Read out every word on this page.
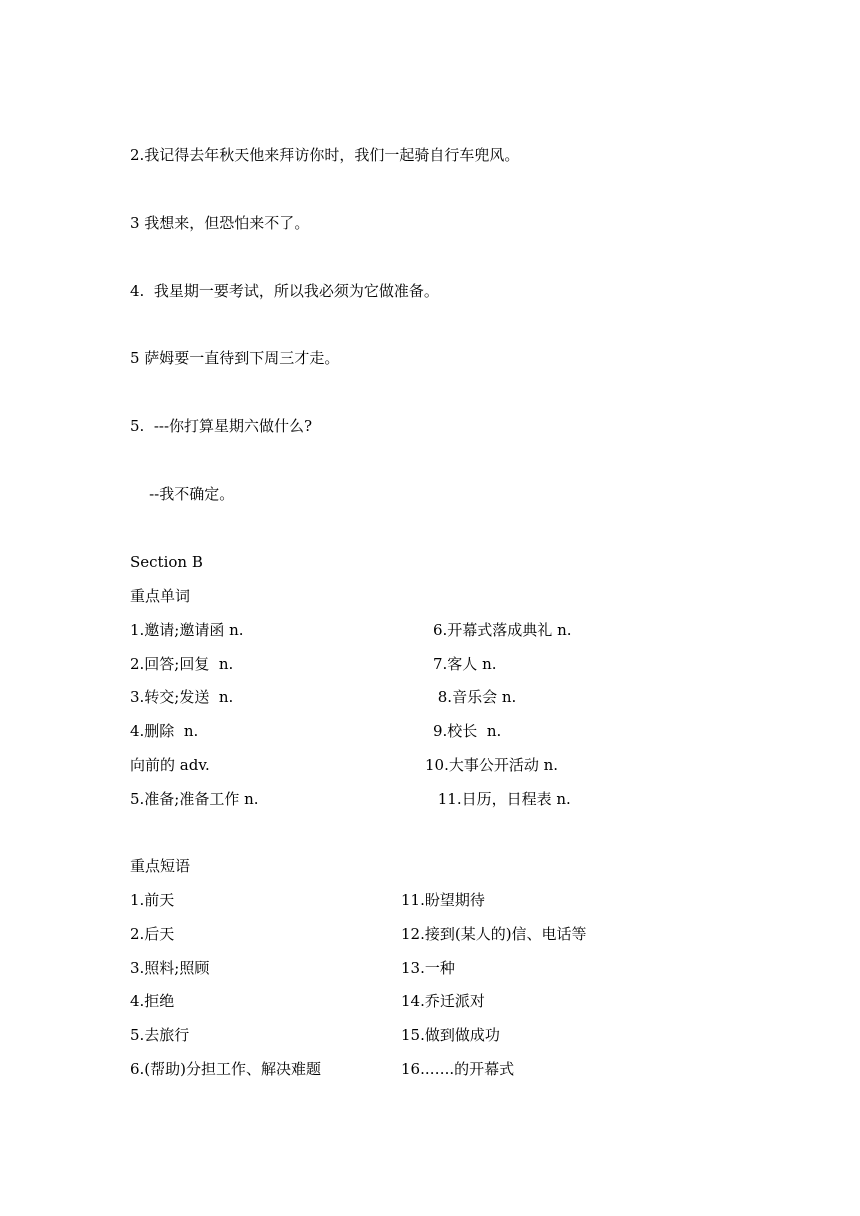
2.我记得去年秋天他来拜访你时，我们一起骑自行车兜风。
3 我想来，但恐怕来不了。
4.  我星期一要考试，所以我必须为它做准备。
5 萨姆要一直待到下周三才走。
5.  ---你打算星期六做什么?
--我不确定。
Section B
重点单词
1.邀请;邀请函 n.
2.回答;回复  n.
3.转交;发送  n.
4.删除  n.
向前的 adv.
5.准备;准备工作 n.
6.开幕式落成典礼 n.
7.客人 n.
8.音乐会 n.
9.校长  n.
10.大事公开活动 n.
11.日历，日程表 n.
重点短语
1.前天
2.后天
3.照料;照顾
4.拒绝
5.去旅行
6.(帮助)分担工作、解决难题
11.盼望期待
12.接到(某人的)信、电话等
13.一种
14.乔迁派对
15.做到做成功
16..…..的开幕式
